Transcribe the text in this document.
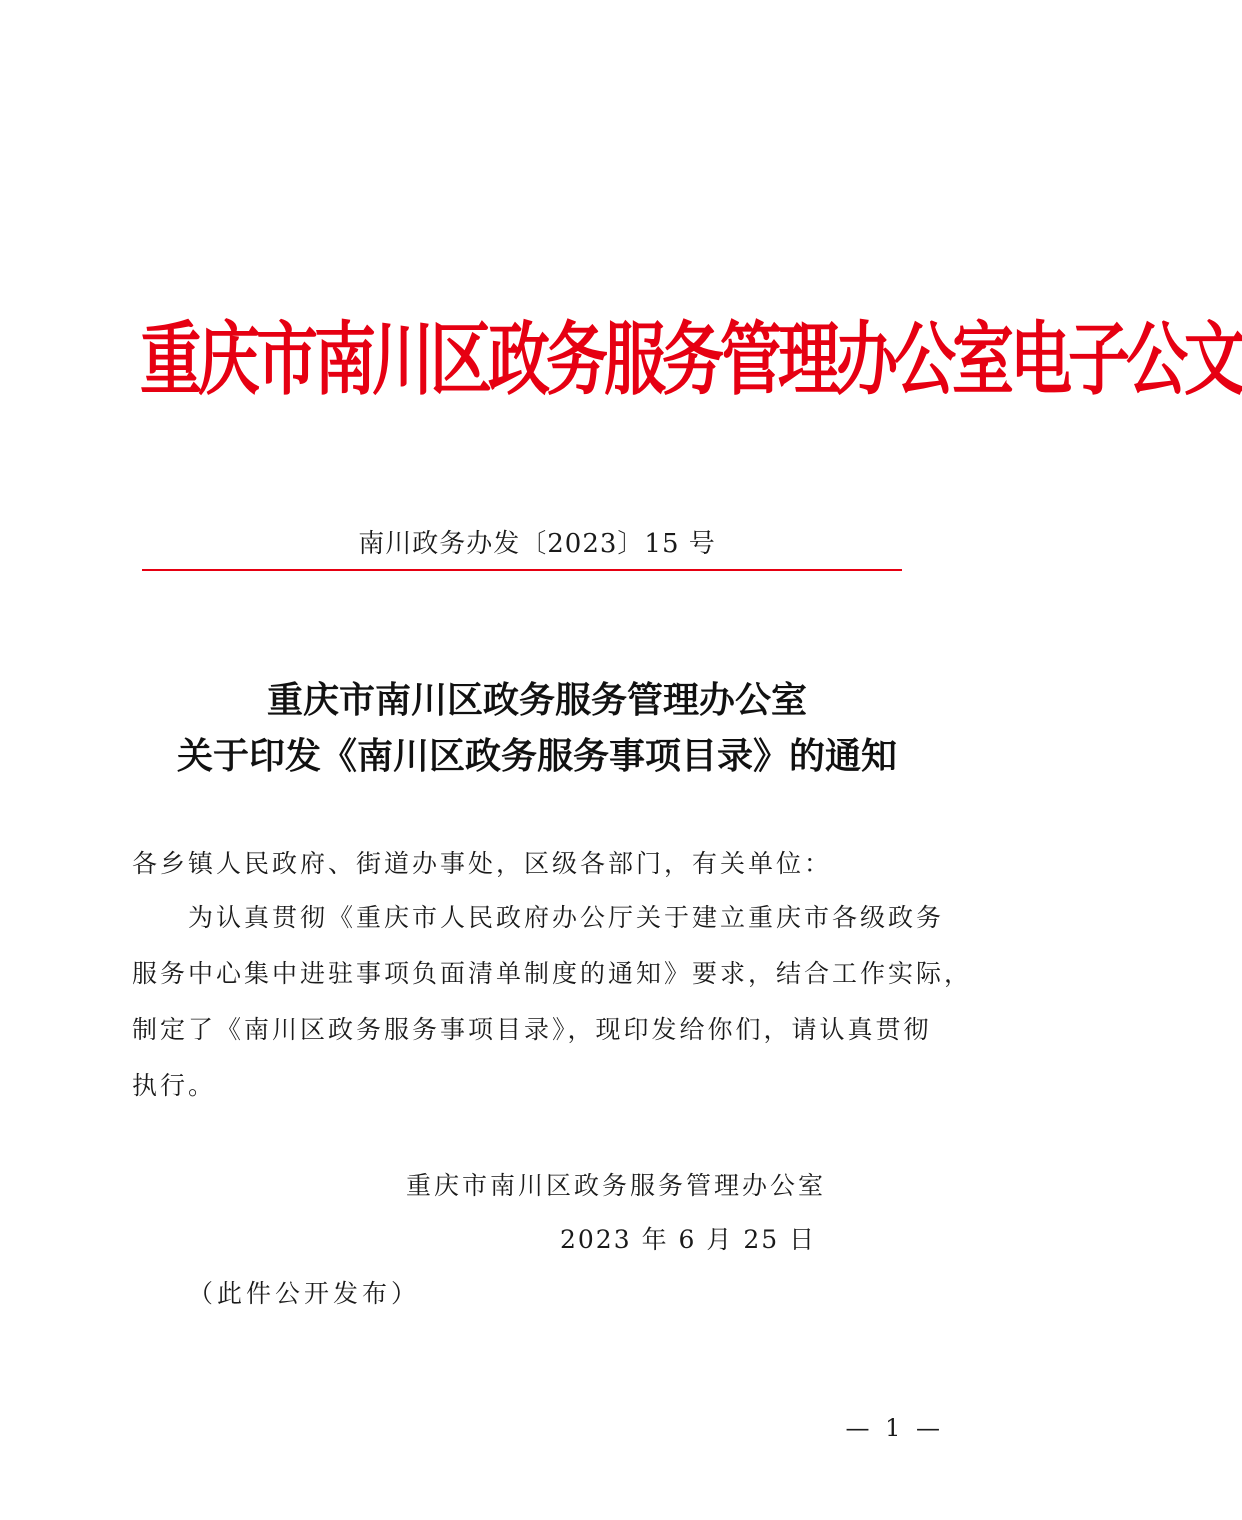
重庆市南川区政务服务管理办公室电子公文
南川政务办发〔2023〕15 号
重庆市南川区政务服务管理办公室
关于印发《南川区政务服务事项目录》的通知
各乡镇人民政府、街道办事处，区级各部门，有关单位：
　　为认真贯彻《重庆市人民政府办公厅关于建立重庆市各级政务
服务中心集中进驻事项负面清单制度的通知》要求，结合工作实际，
制定了《南川区政务服务事项目录》，现印发给你们，请认真贯彻
执行。
重庆市南川区政务服务管理办公室
2023 年 6 月 25 日
（此件公开发布）
— 1 —
